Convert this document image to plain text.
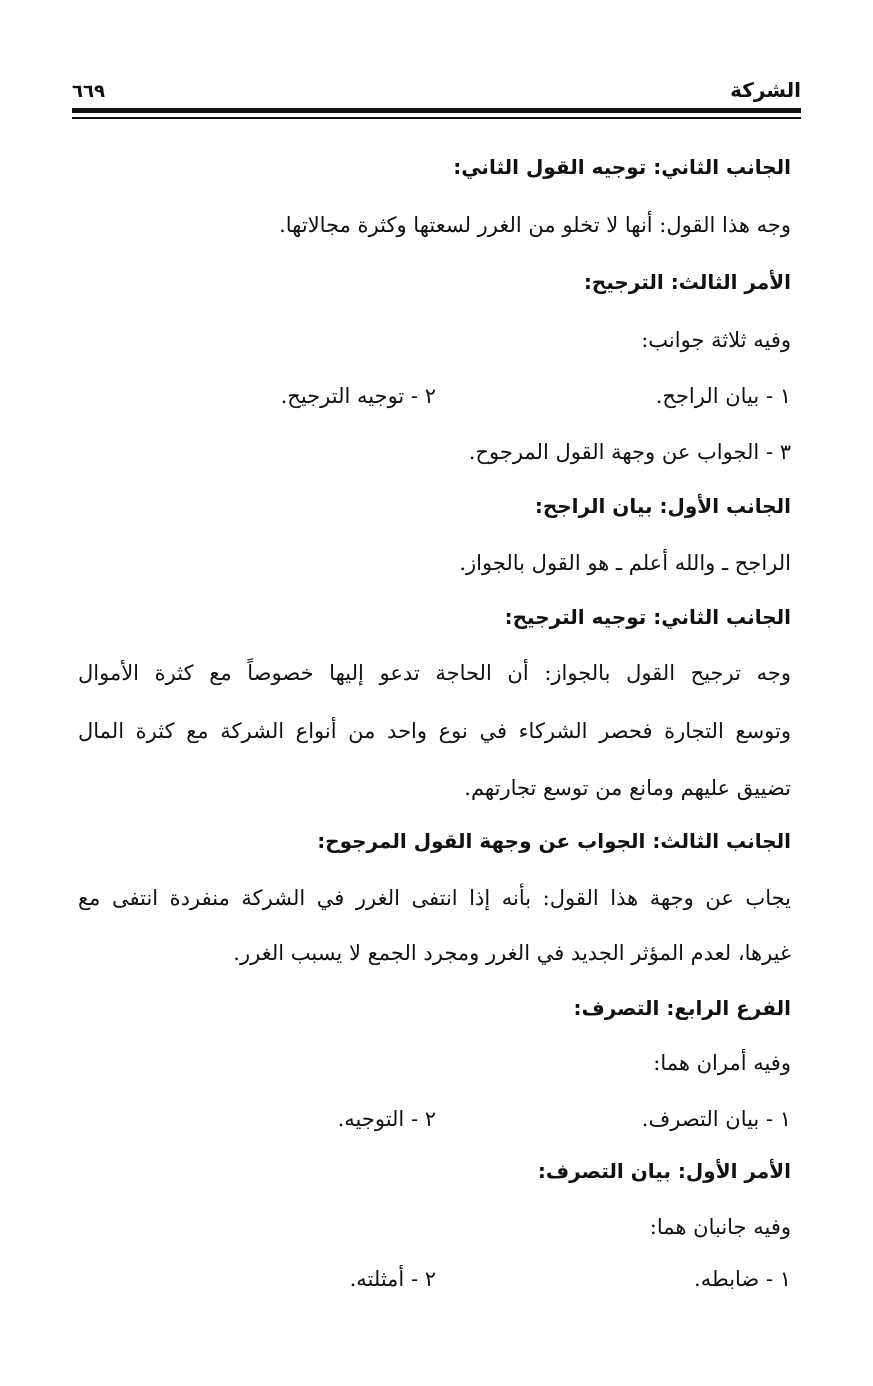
الشركة
٦٦٩
الجانب الثاني: توجيه القول الثاني:
وجه هذا القول: أنها لا تخلو من الغرر لسعتها وكثرة مجالاتها.
الأمر الثالث: الترجيح:
وفيه ثلاثة جوانب:
١ - بيان الراجح.
٢ - توجيه الترجيح.
٣ - الجواب عن وجهة القول المرجوح.
الجانب الأول: بيان الراجح:
الراجح ـ والله أعلم ـ هو القول بالجواز.
الجانب الثاني: توجيه الترجيح:
وجه ترجيح القول بالجواز: أن الحاجة تدعو إليها خصوصاً مع كثرة الأموال
وتوسع التجارة فحصر الشركاء في نوع واحد من أنواع الشركة مع كثرة المال
تضييق عليهم ومانع من توسع تجارتهم.
الجانب الثالث: الجواب عن وجهة القول المرجوح:
يجاب عن وجهة هذا القول: بأنه إذا انتفى الغرر في الشركة منفردة انتفى مع
غيرها، لعدم المؤثر الجديد في الغرر ومجرد الجمع لا يسبب الغرر.
الفرع الرابع: التصرف:
وفيه أمران هما:
١ - بيان التصرف.
٢ - التوجيه.
الأمر الأول: بيان التصرف:
وفيه جانبان هما:
١ - ضابطه.
٢ - أمثلته.
